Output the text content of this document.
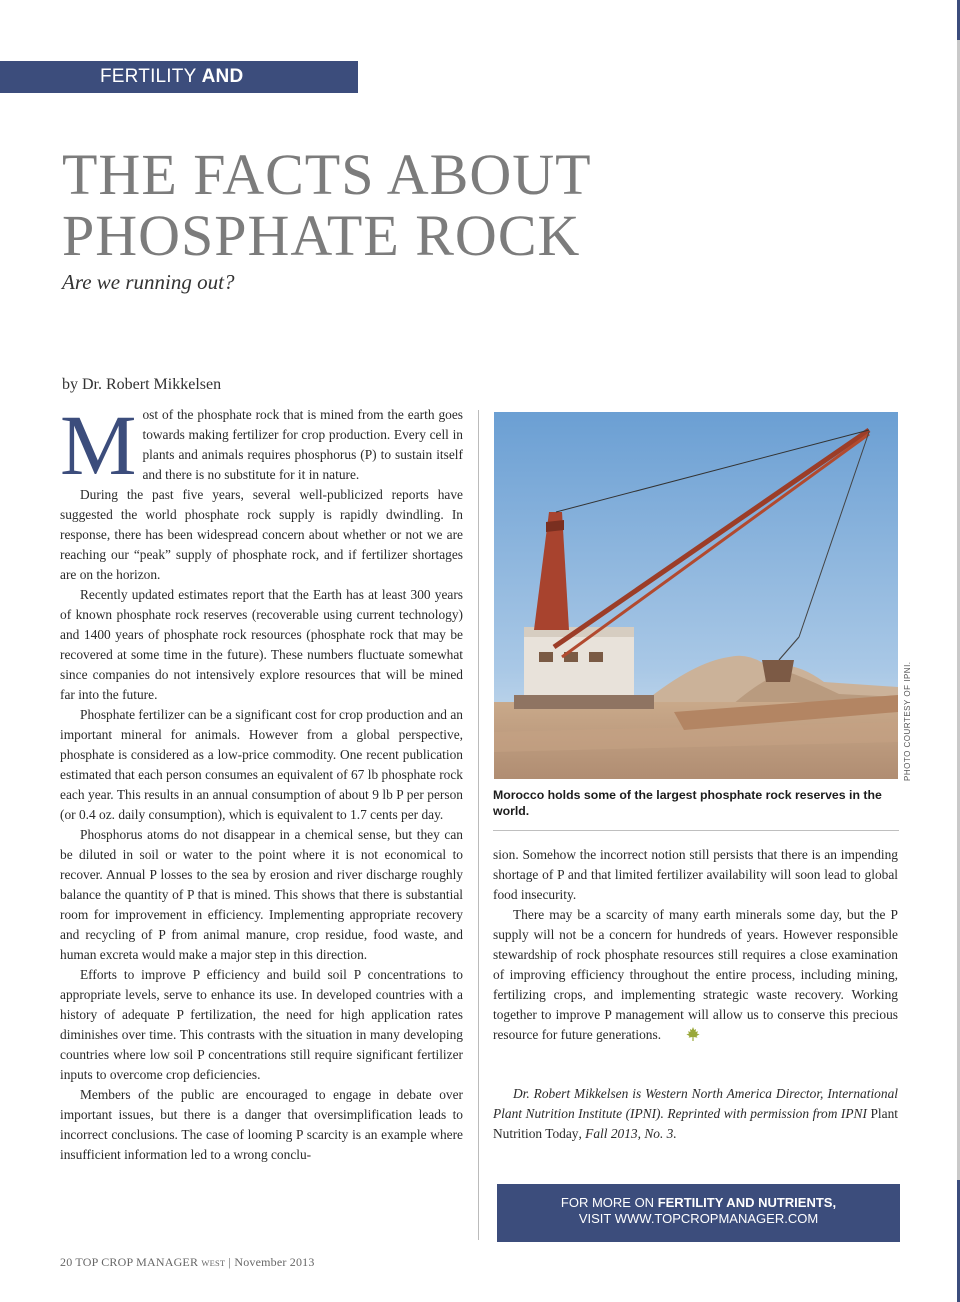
FERTILITY AND NUTRIENTS
THE FACTS ABOUT
PHOSPHATE ROCK

Are we running out?

by Dr. Robert Mikkelsen

Most of the phosphate rock that is mined from the earth goes towards making fertilizer for crop production. Every cell in plants and animals requires phosphorus (P) to sustain itself and there is no substitute for it in nature.

During the past five years, several well-publicized reports have suggested the world phosphate rock supply is rapidly dwindling. In response, there has been widespread concern about whether or not we are reaching our “peak” supply of phosphate rock, and if fertilizer shortages are on the horizon.

Recently updated estimates report that the Earth has at least 300 years of known phosphate rock reserves (recoverable using current technology) and 1400 years of phosphate rock resources (phosphate rock that may be recovered at some time in the future). These numbers fluctuate somewhat since companies do not intensively explore resources that will be mined far into the future.

Phosphate fertilizer can be a significant cost for crop production and an important mineral for animals. However from a global perspective, phosphate is considered as a low-price commodity. One recent publication estimated that each person consumes an equivalent of 67 lb phosphate rock each year. This results in an annual consumption of about 9 lb P per person (or 0.4 oz. daily consumption), which is equivalent to 1.7 cents per day.

Phosphorus atoms do not disappear in a chemical sense, but they can be diluted in soil or water to the point where it is not economical to recover. Annual P losses to the sea by erosion and river discharge roughly balance the quantity of P that is mined. This shows that there is substantial room for improvement in efficiency. Implementing appropriate recovery and recycling of P from animal manure, crop residue, food waste, and human excreta would make a major step in this direction.

Efforts to improve P efficiency and build soil P concentrations to appropriate levels, serve to enhance its use. In developed countries with a history of adequate P fertilization, the need for high application rates diminishes over time. This contrasts with the situation in many developing countries where low soil P concentrations still require significant fertilizer inputs to overcome crop deficiencies.

Members of the public are encouraged to engage in debate over important issues, but there is a danger that oversimplification leads to incorrect conclusions. The case of looming P scarcity is an example where insufficient information led to a wrong conclu-

PHOTO COURTESY OF IPNI.

Morocco holds some of the largest phosphate rock reserves in the world.

sion. Somehow the incorrect notion still persists that there is an impending shortage of P and that limited fertilizer availability will soon lead to global food insecurity.

There may be a scarcity of many earth minerals some day, but the P supply will not be a concern for hundreds of years. However responsible stewardship of rock phosphate resources still requires a close examination of improving efficiency throughout the entire process, including mining, fertilizing crops, and implementing strategic waste recovery. Working together to improve P management will allow us to conserve this precious resource for future generations.

Dr. Robert Mikkelsen is Western North America Director, International Plant Nutrition Institute (IPNI). Reprinted with permission from IPNI Plant Nutrition Today, Fall 2013, No. 3.

FOR MORE ON FERTILITY AND NUTRIENTS,
VISIT WWW.TOPCROPMANAGER.COM
20 TOP CROP MANAGER WEST | November 2013
